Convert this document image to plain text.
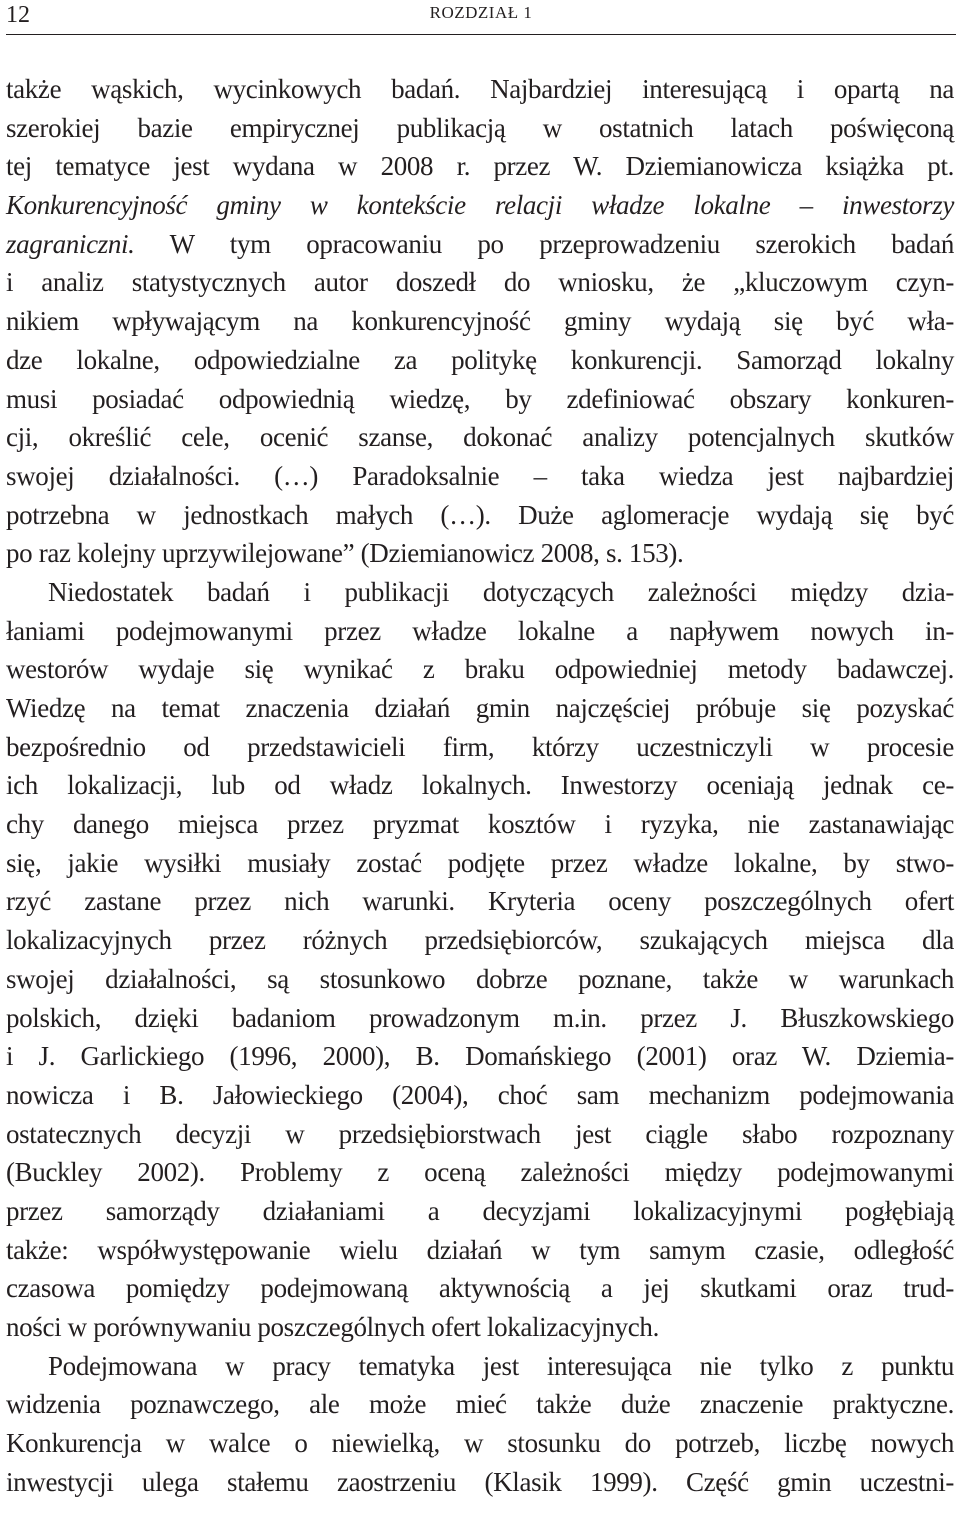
12	ROZDZIAŁ 1
także wąskich, wycinkowych badań. Najbardziej interesującą i opartą na
szerokiej bazie empirycznej publikacją w ostatnich latach poświęconą
tej tematyce jest wydana w 2008 r. przez W. Dziemianowicza książka pt.
Konkurencyjność gminy w kontekście relacji władze lokalne – inwestorzy
zagraniczni. W tym opracowaniu po przeprowadzeniu szerokich badań
i analiz statystycznych autor doszedł do wniosku, że „kluczowym czyn-
nikiem wpływającym na konkurencyjność gminy wydają się być wła-
dze lokalne, odpowiedzialne za politykę konkurencji. Samorząd lokalny
musi posiadać odpowiednią wiedzę, by zdefiniować obszary konkuren-
cji, określić cele, ocenić szanse, dokonać analizy potencjalnych skutków
swojej działalności. (…) Paradoksalnie – taka wiedza jest najbardziej
potrzebna w jednostkach małych (…). Duże aglomeracje wydają się być
po raz kolejny uprzywilejowane” (Dziemianowicz 2008, s. 153).
Niedostatek badań i publikacji dotyczących zależności między dzia-
łaniami podejmowanymi przez władze lokalne a napływem nowych in-
westorów wydaje się wynikać z braku odpowiedniej metody badawczej.
Wiedzę na temat znaczenia działań gmin najczęściej próbuje się pozyskać
bezpośrednio od przedstawicieli firm, którzy uczestniczyli w procesie
ich lokalizacji, lub od władz lokalnych. Inwestorzy oceniają jednak ce-
chy danego miejsca przez pryzmat kosztów i ryzyka, nie zastanawiając
się, jakie wysiłki musiały zostać podjęte przez władze lokalne, by stwo-
rzyć zastane przez nich warunki. Kryteria oceny poszczególnych ofert
lokalizacyjnych przez różnych przedsiębiorców, szukających miejsca dla
swojej działalności, są stosunkowo dobrze poznane, także w warunkach
polskich, dzięki badaniom prowadzonym m.in. przez J. Błuszkowskiego
i J. Garlickiego (1996, 2000), B. Domańskiego (2001) oraz W. Dziemia-
nowicza i B. Jałowieckiego (2004), choć sam mechanizm podejmowania
ostatecznych decyzji w przedsiębiorstwach jest ciągle słabo rozpoznany
(Buckley 2002). Problemy z oceną zależności między podejmowanymi
przez samorządy działaniami a decyzjami lokalizacyjnymi pogłębiają
także: współwystępowanie wielu działań w tym samym czasie, odległość
czasowa pomiędzy podejmowaną aktywnością a jej skutkami oraz trud-
ności w porównywaniu poszczególnych ofert lokalizacyjnych.
Podejmowana w pracy tematyka jest interesująca nie tylko z punktu
widzenia poznawczego, ale może mieć także duże znaczenie praktyczne.
Konkurencja w walce o niewielką, w stosunku do potrzeb, liczbę nowych
inwestycji ulega stałemu zaostrzeniu (Klasik 1999). Część gmin uczestni-
